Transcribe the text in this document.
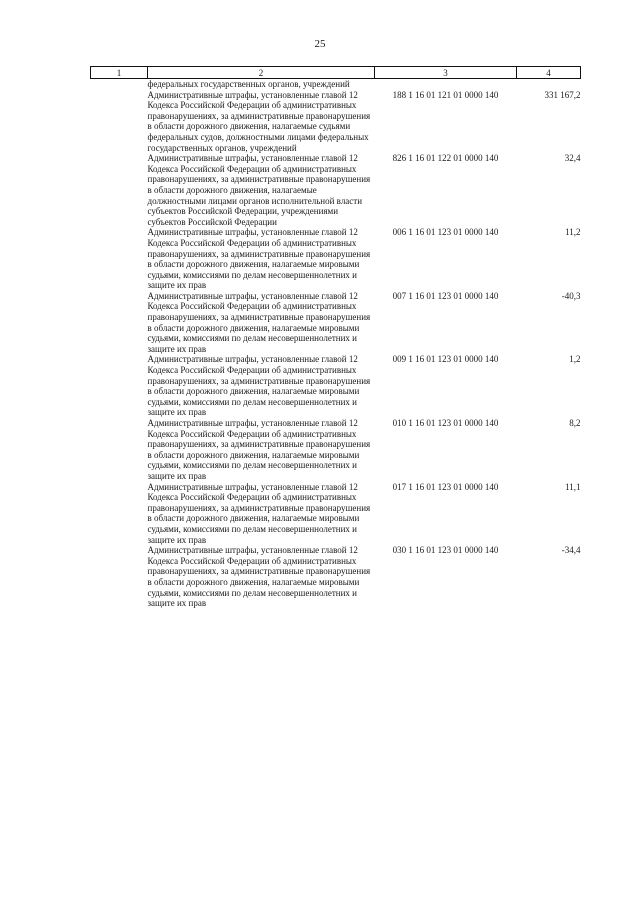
25
1	2	3	4
	федеральных государственных органов, учреждений		
	Административные штрафы, установленные главой 12 Кодекса Российской Федерации об административных правонарушениях, за административные правонарушения в области дорожного движения, налагаемые судьями федеральных судов, должностными лицами федеральных государственных органов, учреждений	188 1 16 01 121 01 0000 140	331 167,2
	Административные штрафы, установленные главой 12 Кодекса Российской Федерации об административных правонарушениях, за административные правонарушения в области дорожного движения, налагаемые должностными лицами органов исполнительной власти субъектов Российской Федерации, учреждениями субъектов Российской Федерации	826 1 16 01 122 01 0000 140	32,4
	Административные штрафы, установленные главой 12 Кодекса Российской Федерации об административных правонарушениях, за административные правонарушения в области дорожного движения, налагаемые мировыми судьями, комиссиями по делам несовершеннолетних и защите их прав	006 1 16 01 123 01 0000 140	11,2
	Административные штрафы, установленные главой 12 Кодекса Российской Федерации об административных правонарушениях, за административные правонарушения в области дорожного движения, налагаемые мировыми судьями, комиссиями по делам несовершеннолетних и защите их прав	007 1 16 01 123 01 0000 140	-40,3
	Административные штрафы, установленные главой 12 Кодекса Российской Федерации об административных правонарушениях, за административные правонарушения в области дорожного движения, налагаемые мировыми судьями, комиссиями по делам несовершеннолетних и защите их прав	009 1 16 01 123 01 0000 140	1,2
	Административные штрафы, установленные главой 12 Кодекса Российской Федерации об административных правонарушениях, за административные правонарушения в области дорожного движения, налагаемые мировыми судьями, комиссиями по делам несовершеннолетних и защите их прав	010 1 16 01 123 01 0000 140	8,2
	Административные штрафы, установленные главой 12 Кодекса Российской Федерации об административных правонарушениях, за административные правонарушения в области дорожного движения, налагаемые мировыми судьями, комиссиями по делам несовершеннолетних и защите их прав	017 1 16 01 123 01 0000 140	11,1
	Административные штрафы, установленные главой 12 Кодекса Российской Федерации об административных правонарушениях, за административные правонарушения в области дорожного движения, налагаемые мировыми судьями, комиссиями по делам несовершеннолетних и защите их прав	030 1 16 01 123 01 0000 140	-34,4
